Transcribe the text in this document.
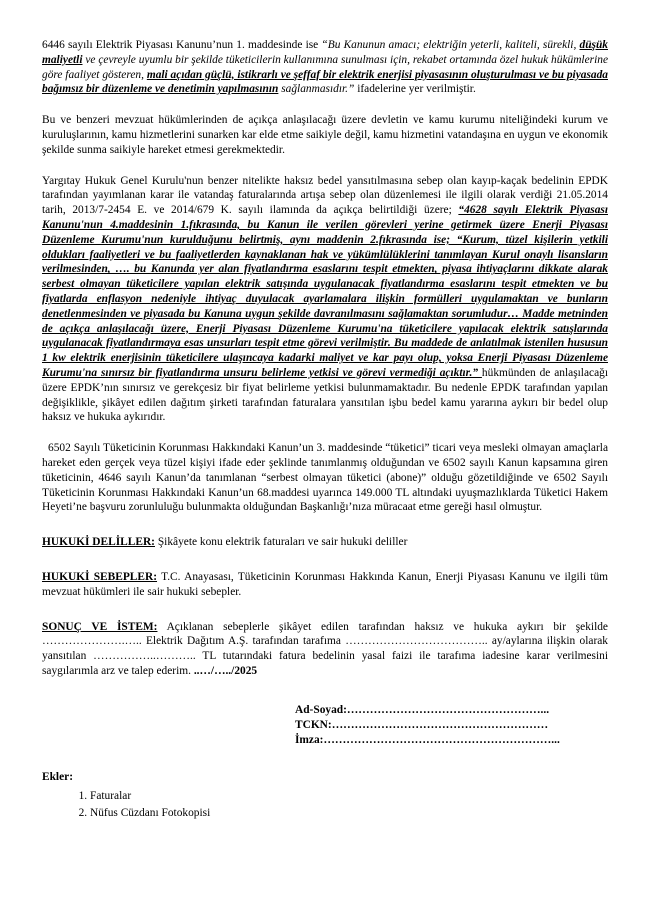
6446 sayılı Elektrik Piyasası Kanunu’nun 1. maddesinde ise “Bu Kanunun amacı; elektriğin yeterli, kaliteli, sürekli, düşük maliyetli ve çevreyle uyumlu bir şekilde tüketicilerin kullanımına sunulması için, rekabet ortamında özel hukuk hükümlerine göre faaliyet gösteren, mali açıdan güçlü, istikrarlı ve şeffaf bir elektrik enerjisi piyasasının oluşturulması ve bu piyasada bağımsız bir düzenleme ve denetimin yapılmasının sağlanmasıdır.” ifadelerine yer verilmiştir.

Bu ve benzeri mevzuat hükümlerinden de açıkça anlaşılacağı üzere devletin ve kamu kurumu niteliğindeki kurum ve kuruluşlarının, kamu hizmetlerini sunarken kar elde etme saikiyle değil, kamu hizmetini vatandaşına en uygun ve ekonomik şekilde sunma saikiyle hareket etmesi gerekmektedir.

Yargıtay Hukuk Genel Kurulu'nun benzer nitelikte haksız bedel yansıtılmasına sebep olan kayıp-kaçak bedelinin EPDK tarafından yayımlanan karar ile vatandaş faturalarında artışa sebep olan düzenlemesi ile ilgili olarak verdiği 21.05.2014 tarih, 2013/7-2454 E. ve 2014/679 K. sayılı ilamında da açıkça belirtildiği üzere; “4628 sayılı Elektrik Piyasası Kanunu'nun 4.maddesinin 1.fıkrasında, bu Kanun ile verilen görevleri yerine getirmek üzere Enerji Piyasası Düzenleme Kurumu'nun kurulduğunu belirtmiş, aynı maddenin 2.fıkrasında ise; “Kurum, tüzel kişilerin yetkili oldukları faaliyetleri ve bu faaliyetlerden kaynaklanan hak ve yükümlülüklerini tanımlayan Kurul onaylı lisansların verilmesinden, …. bu Kanunda yer alan fiyatlandırma esaslarını tespit etmekten, piyasa ihtiyaçlarını dikkate alarak serbest olmayan tüketicilere yapılan elektrik satışında uygulanacak fiyatlandırma esaslarını tespit etmekten ve bu fiyatlarda enflasyon nedeniyle ihtiyaç duyulacak ayarlamalara ilişkin formülleri uygulamaktan ve bunların denetlenmesinden ve piyasada bu Kanuna uygun şekilde davranılmasını sağlamaktan sorumludur… Madde metninden de açıkça anlaşılacağı üzere, Enerji Piyasası Düzenleme Kurumu'na tüketicilere yapılacak elektrik satışlarında uygulanacak fiyatlandırmaya esas unsurları tespit etme görevi verilmiştir. Bu maddede de anlatılmak istenilen hususun 1 kw elektrik enerjisinin tüketicilere ulaşıncaya kadarki maliyet ve kar payı olup, yoksa Enerji Piyasası Düzenleme Kurumu'na sınırsız bir fiyatlandırma unsuru belirleme yetkisi ve görevi vermediği açıktır.” hükmünden de anlaşılacağı üzere EPDK’nın sınırsız ve gerekçesiz bir fiyat belirleme yetkisi bulunmamaktadır. Bu nedenle EPDK tarafından yapılan değişiklikle, şikâyet edilen dağıtım şirketi tarafından faturalara yansıtılan işbu bedel kamu yararına aykırı bir bedel olup haksız ve hukuka aykırıdır.

6502 Sayılı Tüketicinin Korunması Hakkındaki Kanun’un 3. maddesinde “tüketici” ticari veya mesleki olmayan amaçlarla hareket eden gerçek veya tüzel kişiyi ifade eder şeklinde tanımlanmış olduğundan ve 6502 sayılı Kanun kapsamına giren tüketicinin, 4646 sayılı Kanun’da tanımlanan “serbest olmayan tüketici (abone)” olduğu gözetildiğinde ve 6502 Sayılı Tüketicinin Korunması Hakkındaki Kanun’un 68.maddesi uyarınca 149.000 TL altındaki uyuşmazlıklarda Tüketici Hakem Heyeti’ne başvuru zorunluluğu bulunmakta olduğundan Başkanlığı’nıza müracaat etme gereği hasıl olmuştur.

HUKUKİ DELİLLER: Şikâyete konu elektrik faturaları ve sair hukuki deliller

HUKUKİ SEBEPLER: T.C. Anayasası, Tüketicinin Korunması Hakkında Kanun, Enerji Piyasası Kanunu ve ilgili tüm mevzuat hükümleri ile sair hukuki sebepler.

SONUÇ VE İSTEM: Açıklanan sebeplerle şikâyet edilen tarafından haksız ve hukuka aykırı bir şekilde ………………….….. Elektrik Dağıtım A.Ş. tarafından tarafıma ……………………………….. ay/aylarına ilişkin olarak yansıtılan ……………..……….. TL tutarındaki fatura bedelinin yasal faizi ile tarafıma iadesine karar verilmesini saygılarımla arz ve talep ederim. ..…/…../2025

Ad-Soyad:……………………………………………...
TCKN:…………………………………………………
İmza:……………………………………………………...
Ekler:
1. Faturalar
2. Nüfus Cüzdanı Fotokopisi
